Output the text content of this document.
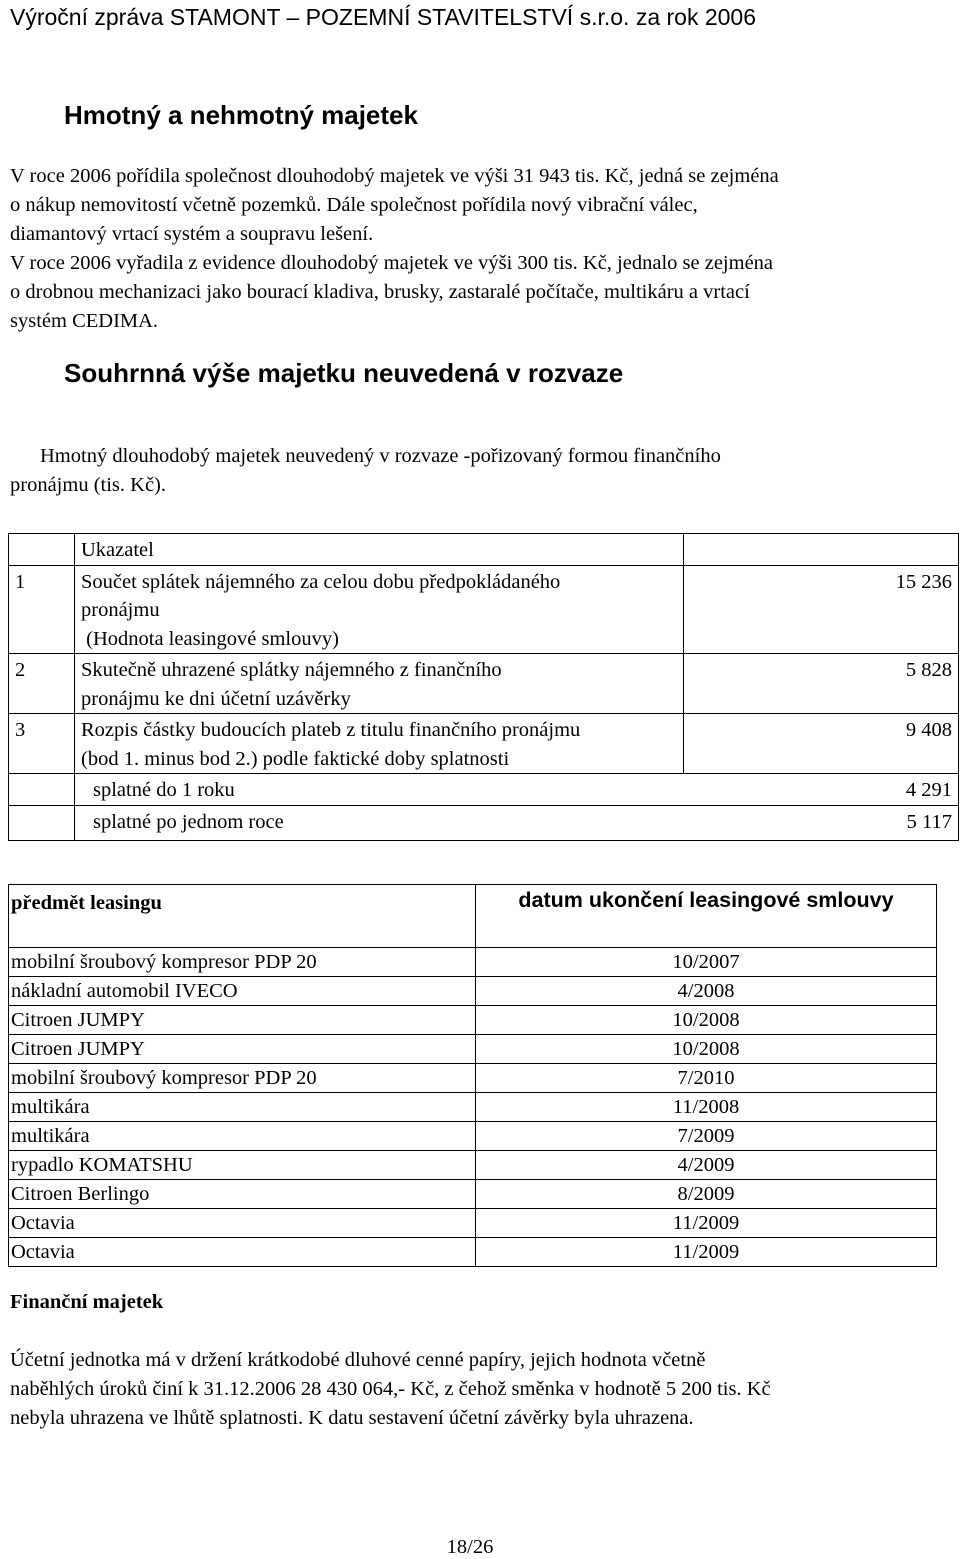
Výroční zpráva STAMONT – POZEMNÍ STAVITELSTVÍ s.r.o. za rok 2006
Hmotný a nehmotný majetek
V roce 2006 pořídila společnost dlouhodobý majetek ve výši 31 943 tis. Kč, jedná se zejména
o nákup nemovitostí včetně pozemků. Dále společnost pořídila nový vibrační válec,
diamantový vrtací systém a soupravu lešení.
V roce 2006 vyřadila z evidence dlouhodobý majetek ve výši 300 tis. Kč, jednalo se zejména
o drobnou mechanizaci jako bourací kladiva, brusky, zastaralé počítače, multikáru a vrtací
systém CEDIMA.
Souhrnná výše majetku neuvedená v rozvaze
Hmotný dlouhodobý majetek neuvedený v rozvaze -pořizovaný formou finančního
pronájmu (tis. Kč).
	Ukazatel	
1	Součet splátek nájemného za celou dobu předpokládaného
pronájmu
(Hodnota leasingové smlouvy)	15 236
2	Skutečně uhrazené splátky nájemného z finančního
pronájmu ke dni účetní uzávěrky	5 828
3	Rozpis částky budoucích plateb z titulu finančního pronájmu
(bod 1. minus bod 2.) podle faktické doby splatnosti	9 408
	splatné do 1 roku 4 291	

	splatné po jednom roce 5 117	
předmět leasingu	datum ukončení leasingové smlouvy
mobilní šroubový kompresor PDP 20	10/2007
nákladní automobil IVECO	4/2008
Citroen JUMPY	10/2008
Citroen JUMPY	10/2008
mobilní šroubový kompresor PDP 20	7/2010
multikára	11/2008
multikára	7/2009
rypadlo KOMATSHU	4/2009
Citroen Berlingo	8/2009
Octavia	11/2009
Octavia	11/2009
Finanční majetek
Účetní jednotka má v držení krátkodobé dluhové cenné papíry, jejich hodnota včetně
naběhlých úroků činí k 31.12.2006 28 430 064,- Kč, z čehož směnka v hodnotě 5 200 tis. Kč
nebyla uhrazena ve lhůtě splatnosti. K datu sestavení účetní závěrky byla uhrazena.
18/26
